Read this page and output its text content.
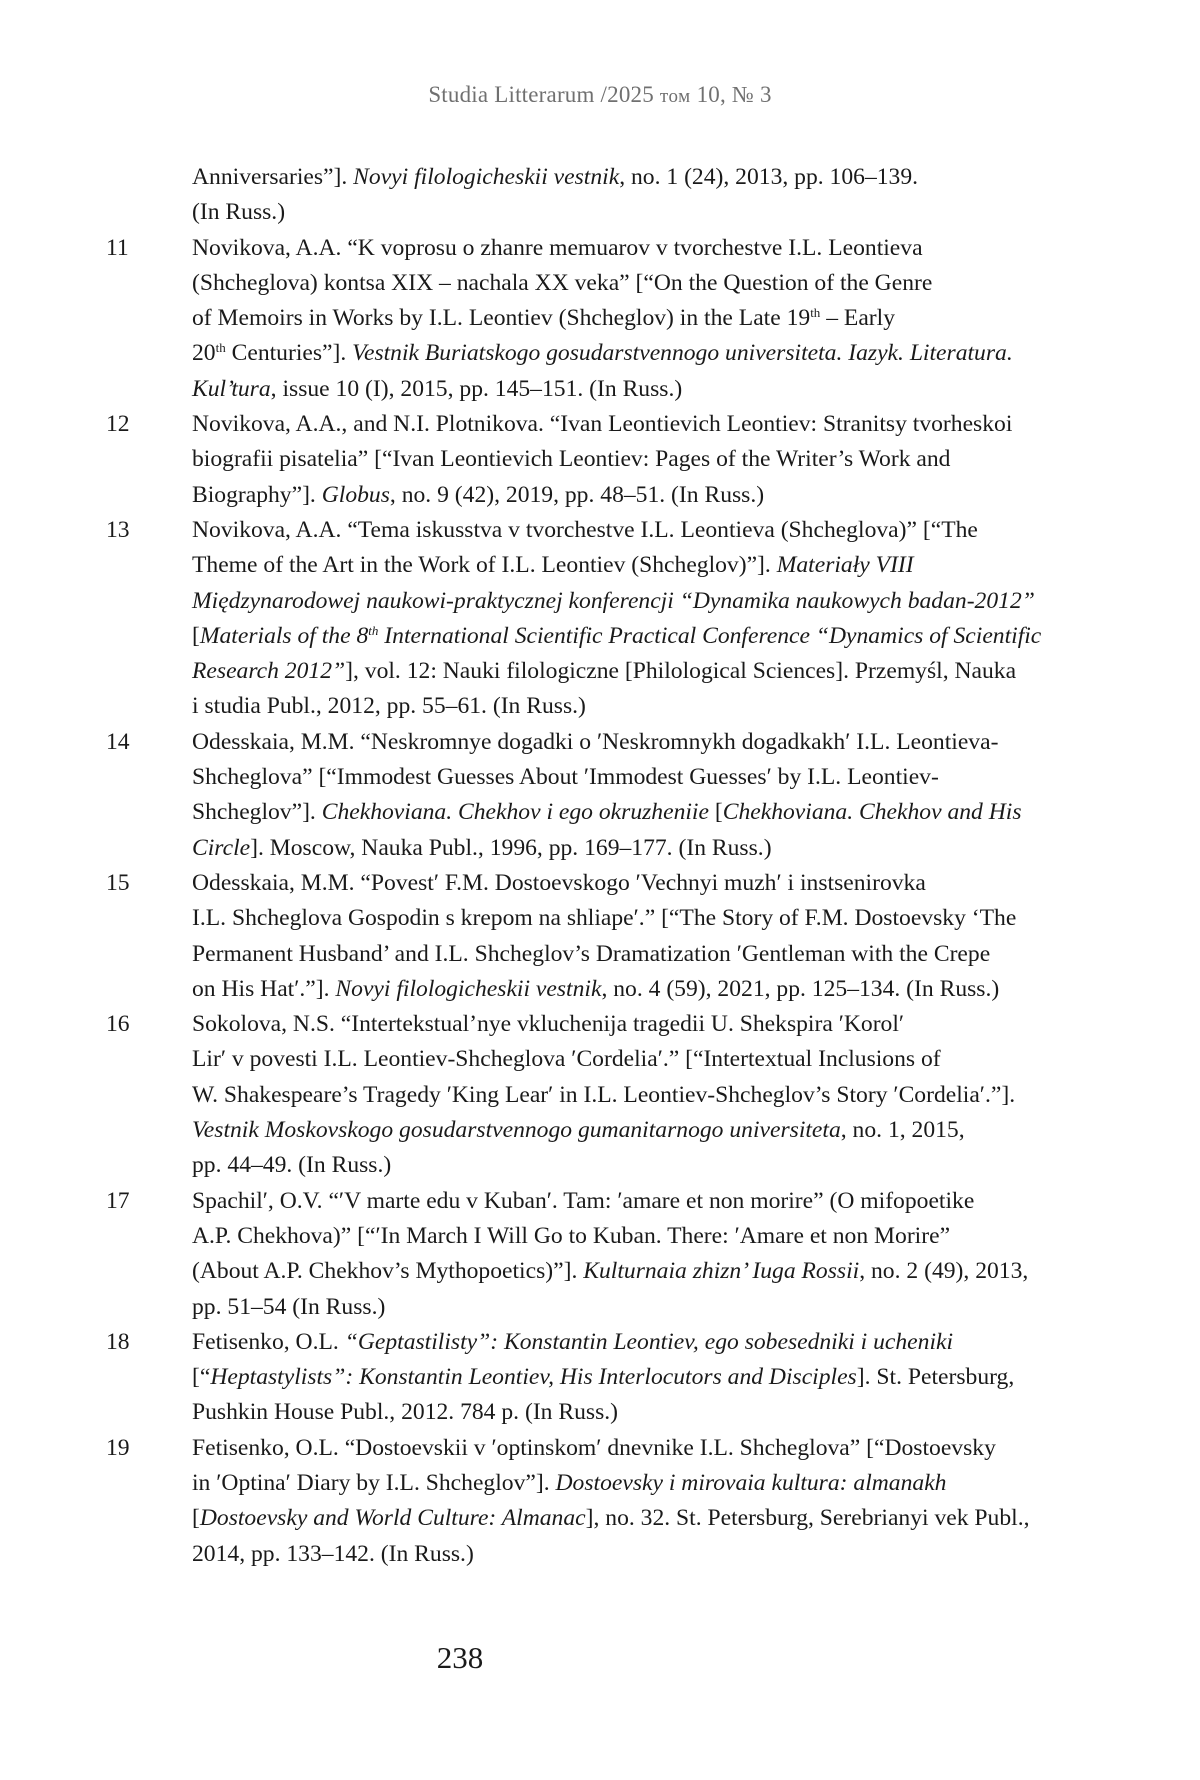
Studia Litterarum /2025 том 10, № 3
Anniversaries”]. Novyi filologicheskii vestnik, no. 1 (24), 2013, pp. 106–139.
(In Russ.)
11	Novikova, A.A. “K voprosu o zhanre memuarov v tvorchestve I.L. Leontieva
(Shcheglova) kontsa XIX – nachala XX veka” [“On the Question of the Genre
of Memoirs in Works by I.L. Leontiev (Shcheglov) in the Late 19th – Early
20th Centuries”]. Vestnik Buriatskogo gosudarstvennogo universiteta. Iazyk. Literatura.
Kul’tura, issue 10 (I), 2015, pp. 145–151. (In Russ.)
12	Novikova, A.A., and N.I. Plotnikova. “Ivan Leontievich Leontiev: Stranitsy tvorheskoi
biografii pisatelia” [“Ivan Leontievich Leontiev: Pages of the Writer’s Work and
Biography”]. Globus, no. 9 (42), 2019, pp. 48–51. (In Russ.)
13	Novikova, A.A. “Tema iskusstva v tvorchestve I.L. Leontieva (Shcheglova)” [“The
Theme of the Art in the Work of I.L. Leontiev (Shcheglov)”]. Materiały VIII
Międzynarodowej naukowi-praktycznej konferencji “Dynamika naukowych badan-2012”
[Materials of the 8th International Scientific Practical Conference “Dynamics of Scientific
Research 2012”], vol. 12: Nauki filologiczne [Philological Sciences]. Przemyśl, Nauka
i studia Publ., 2012, pp. 55–61. (In Russ.)
14	Odesskaia, M.M. “Neskromnye dogadki o ʹNeskromnykh dogadkakhʹ I.L. Leontieva-
Shcheglova” [“Immodest Guesses About ʹImmodest Guessesʹ by I.L. Leontiev-
Shcheglov”]. Chekhoviana. Chekhov i ego okruzheniie [Chekhoviana. Chekhov and His
Circle]. Moscow, Nauka Publ., 1996, pp. 169–177. (In Russ.)
15	Odesskaia, M.M. “Povestʹ F.M. Dostoevskogo ʹVechnyi muzhʹ i instsenirovka
I.L. Shcheglova Gospodin s krepom na shliapeʹ.” [“The Story of F.M. Dostoevsky ‘The
Permanent Husband’ and I.L. Shcheglov’s Dramatization ʹGentleman with the Crepe
on His Hatʹ.”]. Novyi filologicheskii vestnik, no. 4 (59), 2021, pp. 125–134. (In Russ.)
16	Sokolova, N.S. “Intertekstual’nye vkluchenija tragedii U. Shekspira ʹKorolʹ
Lirʹ v povesti I.L. Leontiev-Shcheglova ʹCordeliaʹ.” [“Intertextual Inclusions of
W. Shakespeare’s Tragedy ʹKing Learʹ in I.L. Leontiev-Shcheglov’s Story ʹCordeliaʹ.”].
Vestnik Moskovskogo gosudarstvennogo gumanitarnogo universiteta, no. 1, 2015,
pp. 44–49. (In Russ.)
17	Spachilʹ, O.V. “ʹV marte edu v Kubanʹ. Tam: ʹamare et non morire” (O mifopoetike
A.P. Chekhova)” [“ʹIn March I Will Go to Kuban. There: ʹAmare et non Morire”
(About A.P. Chekhov’s Mythopoetics)”]. Kulturnaia zhizn’ Iuga Rossii, no. 2 (49), 2013,
pp. 51–54 (In Russ.)
18	Fetisenko, O.L. “Geptastilisty”: Konstantin Leontiev, ego sobesedniki i ucheniki
[“Heptastylists”: Konstantin Leontiev, His Interlocutors and Disciples]. St. Petersburg,
Pushkin House Publ., 2012. 784 p. (In Russ.)
19	Fetisenko, O.L. “Dostoevskii v ʹoptinskomʹ dnevnike I.L. Shcheglova” [“Dostoevsky
in ʹOptinaʹ Diary by I.L. Shcheglov”]. Dostoevsky i mirovaia kultura: almanakh
[Dostoevsky and World Culture: Almanac], no. 32. St. Petersburg, Serebrianyi vek Publ.,
2014, pp. 133–142. (In Russ.)
238
